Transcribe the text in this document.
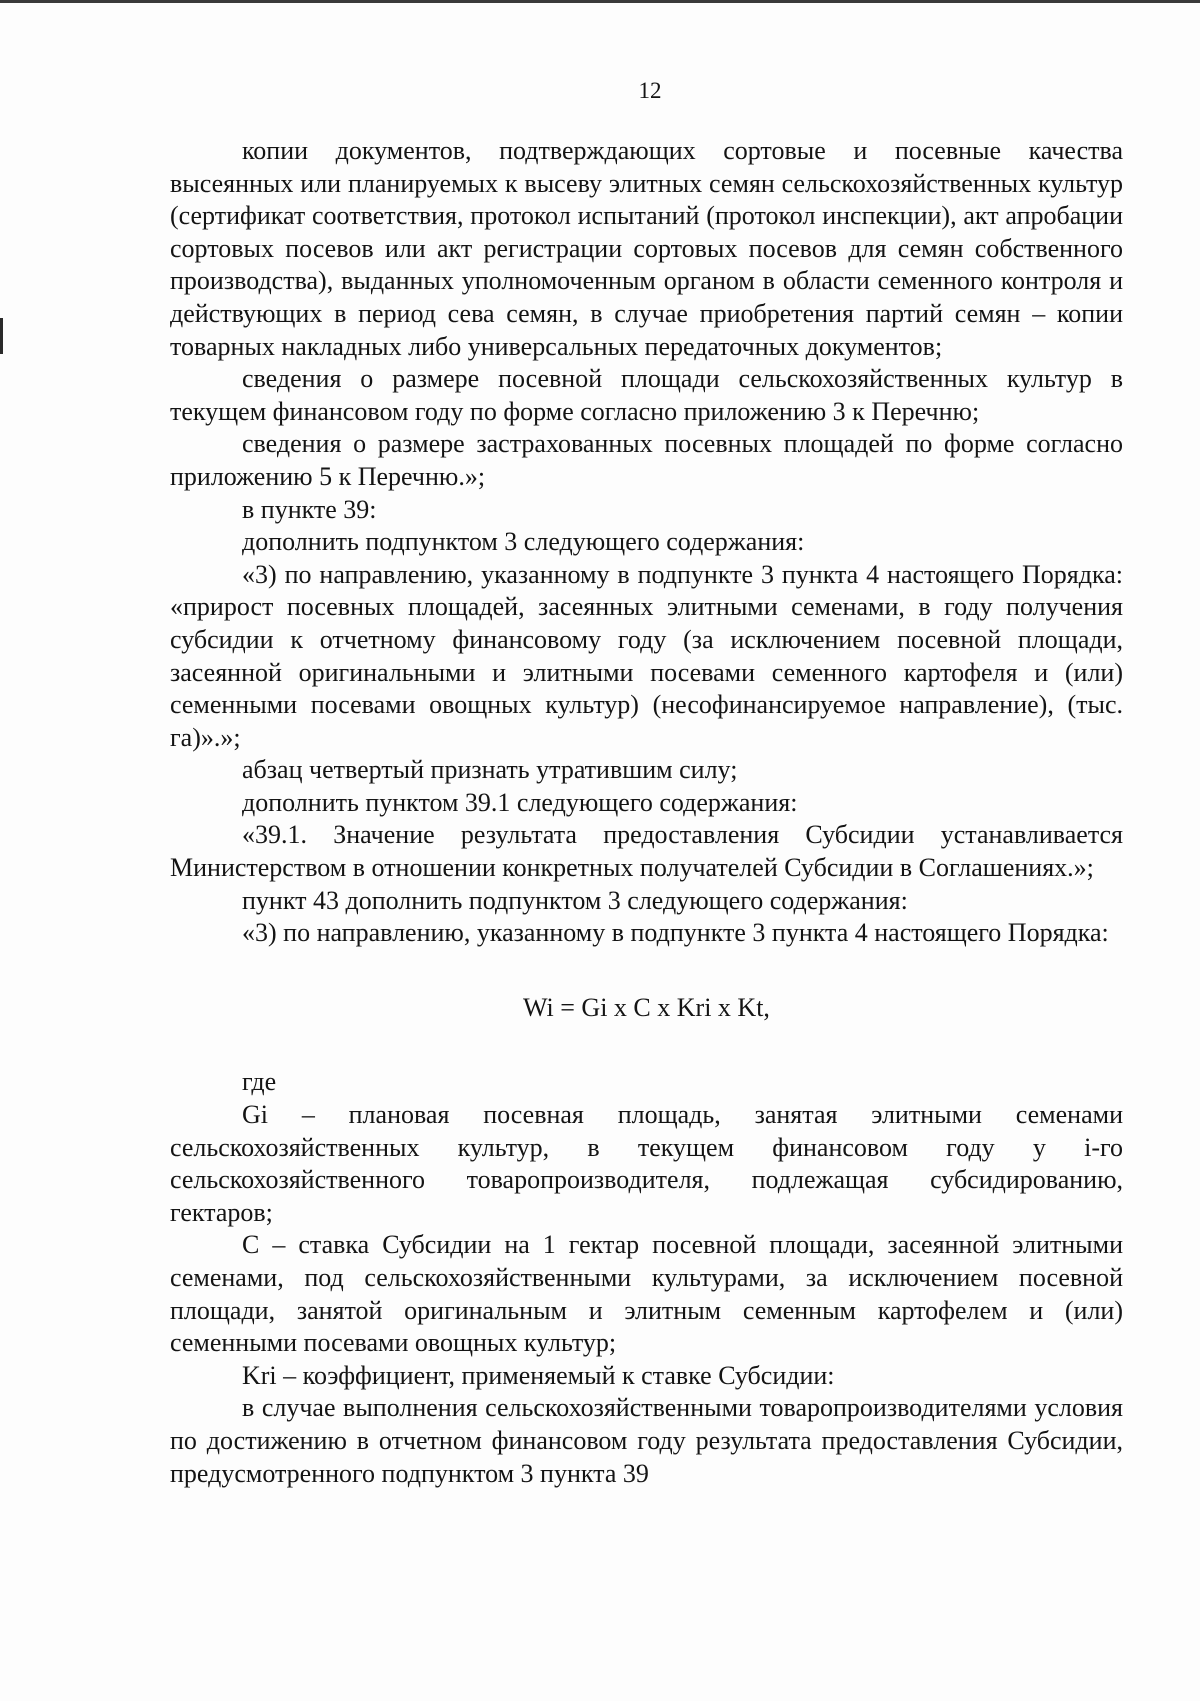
12

копии документов, подтверждающих сортовые и посевные качества высеянных или планируемых к высеву элитных семян сельскохозяйственных культур (сертификат соответствия, протокол испытаний (протокол инспекции), акт апробации сортовых посевов или акт регистрации сортовых посевов для семян собственного производства), выданных уполномоченным органом в области семенного контроля и действующих в период сева семян, в случае приобретения партий семян – копии товарных накладных либо универсальных передаточных документов;

сведения о размере посевной площади сельскохозяйственных культур в текущем финансовом году по форме согласно приложению 3 к Перечню;

сведения о размере застрахованных посевных площадей по форме согласно приложению 5 к Перечню.»;

в пункте 39:

дополнить подпунктом 3 следующего содержания:

«3) по направлению, указанному в подпункте 3 пункта 4 настоящего Порядка: «прирост посевных площадей, засеянных элитными семенами, в году получения субсидии к отчетному финансовому году (за исключением посевной площади, засеянной оригинальными и элитными посевами семенного картофеля и (или) семенными посевами овощных культур) (несофинансируемое направление), (тыс. га)».»;

абзац четвертый признать утратившим силу;

дополнить пунктом 39.1 следующего содержания:

«39.1. Значение результата предоставления Субсидии устанавливается Министерством в отношении конкретных получателей Субсидии в Соглашениях.»;

пункт 43 дополнить подпунктом 3 следующего содержания:

«3) по направлению, указанному в подпункте 3 пункта 4 настоящего Порядка:

Wi = Gi x C x Kri x Kt,

где

Gi – плановая посевная площадь, занятая элитными семенами сельскохозяйственных культур, в текущем финансовом году у i-го сельскохозяйственного товаропроизводителя, подлежащая субсидированию, гектаров;

C – ставка Субсидии на 1 гектар посевной площади, засеянной элитными семенами, под сельскохозяйственными культурами, за исключением посевной площади, занятой оригинальным и элитным семенным картофелем и (или) семенными посевами овощных культур;

Kri – коэффициент, применяемый к ставке Субсидии:

в случае выполнения сельскохозяйственными товаропроизводителями условия по достижению в отчетном финансовом году результата предоставления Субсидии, предусмотренного подпунктом 3 пункта 39
